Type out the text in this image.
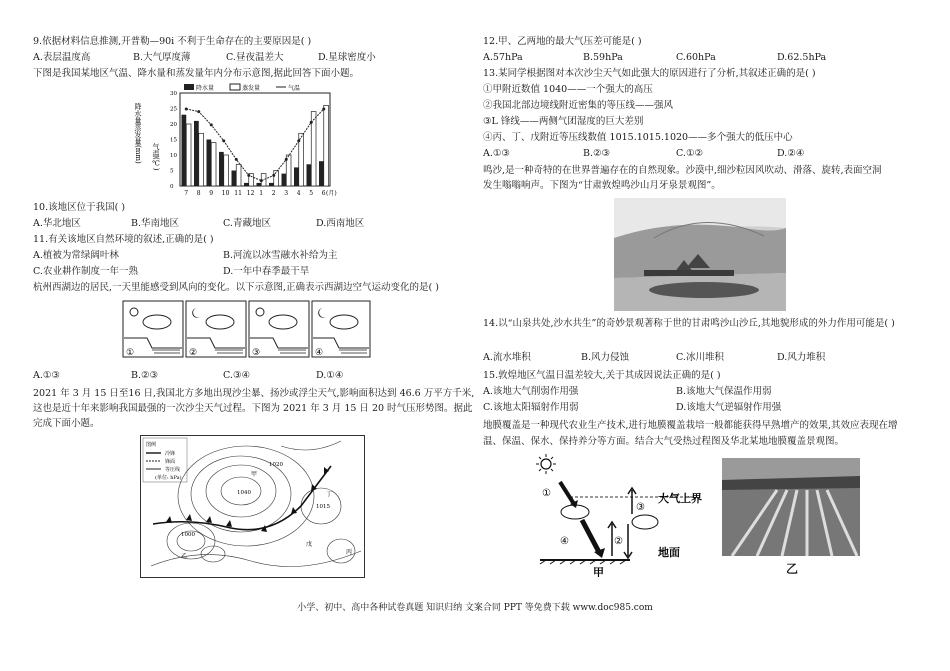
9.依据材料信息推测,开普勒—90i 不利于生命存在的主要原因是( )
A.表层温度高	B.大气厚度薄	C.昼夜温差大	D.星球密度小
下图是我国某地区气温、降水量和蒸发量年内分布示意图,据此回答下面小题。
降水量	蒸发量	气温
7 8 9 10 11 12 1 2 3 4 5 6 (月)
0
5
10
15
20
25
30
降水量蒸发量(mm) 气温(℃)
10.该地区位于我国( )
A.华北地区	B.华南地区	C.青藏地区	D.西南地区
11.有关该地区自然环境的叙述,正确的是( )
A.植被为常绿阔叶林	B.河流以冰雪融水补给为主
C.农业耕作制度一年一熟	D.一年中春季最干旱
杭州西湖边的居民,一天里能感受到风向的变化。以下示意图,正确表示西湖边空气运动变化的是( )
①	②	③	④
A.①③	B.②③	C.③④	D.①④
2021 年 3 月 15 日至16 日,我国北方多地出现沙尘暴、扬沙或浮尘天气,影响面积达到 46.6 万平方千米,
这也是近十年来影响我国最强的一次沙尘天气过程。下图为 2021 年 3 月 15 日 20 时气压形势图。据此
完成下面小题。
图例
冷锋
锋面
等压线
(单位: hPa)
1040
1020
1000
1015
甲
乙
丙
丁
戊
12.甲、乙两地的最大气压差可能是( )
A.57hPa	B.59hPa	C.60hPa	D.62.5hPa
13.某同学根据图对本次沙尘天气如此强大的原因进行了分析,其叙述正确的是( )
①甲附近数值 1040——一个强大的高压
②我国北部边境线附近密集的等压线——强风
③L 锋线——两侧气团湿度的巨大差别
④丙、丁、戊附近等压线数值 1015.1015.1020——多个强大的低压中心
A.①③	B.②③	C.①②	D.②④
鸣沙,是一种奇特的在世界普遍存在的自然现象。沙漠中,细沙粒因风吹动、滑落、旋转,表面空洞
发生嗡嗡响声。下图为“甘肃敦煌鸣沙山月牙泉景观图”。
14.以“山泉共处,沙水共生”的奇妙景观著称于世的甘肃鸣沙山沙丘,其地貌形成的外力作用可能是( )
A.流水堆积	B.风力侵蚀	C.冰川堆积	D.风力堆积
15.敦煌地区气温日温差较大,关于其成因说法正确的是( )
A.该地大气削弱作用强	B.该地大气保温作用弱
C.该地太阳辐射作用弱	D.该地大气逆辐射作用强
地膜覆盖是一种现代农业生产技术,进行地膜覆盖栽培一般都能获得早熟增产的效果,其效应表现在增
温、保温、保水、保持养分等方面。结合大气受热过程图及华北某地地膜覆盖景观图。
大气上界
地面
①
②
③
④
甲	乙
小学、初中、高中各种试卷真题 知识归纳 文案合同 PPT 等免费下载 www.doc985.com
